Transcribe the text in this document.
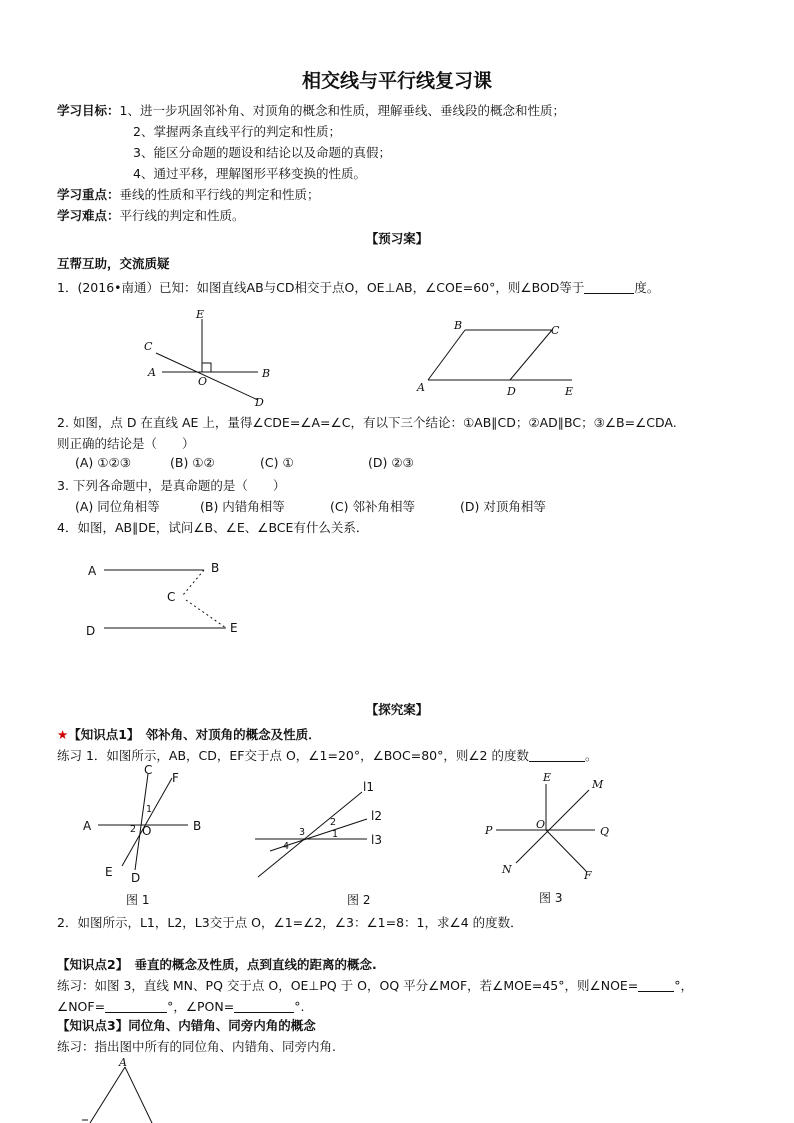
相交线与平行线复习课
学习目标：1、进一步巩固邻补角、对顶角的概念和性质，理解垂线、垂线段的概念和性质；
2、掌握两条直线平行的判定和性质；
3、能区分命题的题设和结论以及命题的真假；
4、通过平移，理解图形平移变换的性质。
学习重点：垂线的性质和平行线的判定和性质；
学习难点：平行线的判定和性质。
【预习案】
互帮互助，交流质疑
1．(2016•南通）已知：如图直线AB与CD相交于点O，OE⊥AB，∠COE=60°，则∠BOD等于	度。
E
C
A
O
B
D
B	C
A	D	E
2. 如图，点 D 在直线 AE 上，量得∠CDE=∠A=∠C，有以下三个结论：①AB∥CD；②AD∥BC；③∠B=∠CDA.
则正确的结论是（　　）
(A) ①②③	(B) ①②	(C) ①	(D) ②③
3. 下列各命题中，是真命题的是（　　）
(A) 同位角相等	(B) 内错角相等	(C) 邻补角相等	(D) 对顶角相等
4．如图，AB∥DE，试问∠B、∠E、∠BCE有什么关系．
A	B
C
D	E
【探究案】
★【知识点1】　邻补角、对顶角的概念及性质．
练习 1．如图所示，AB，CD，EF交于点 O，∠1=20°，∠BOC=80°，则∠2 的度数	。
C
F
A	B
O
E D
1
2
图 1
l1
l2
l3
1
2
3
4
图 2
E
M
P	O
Q
N	F
图 3
2．如图所示，L1，L2，L3交于点 O，∠1=∠2，∠3：∠1=8：1，求∠4 的度数．
【知识点2】　垂直的概念及性质，点到直线的距离的概念.
练习：如图 3，直线 MN、PQ 交于点 O，OE⊥PQ 于 O，OQ 平分∠MOF，若∠MOE=45°，则∠NOE=	°，
∠NOF=	°，∠PON=	°.
【知识点3】同位角、内错角、同旁内角的概念
练习：指出图中所有的同位角、内错角、同旁内角.
A
